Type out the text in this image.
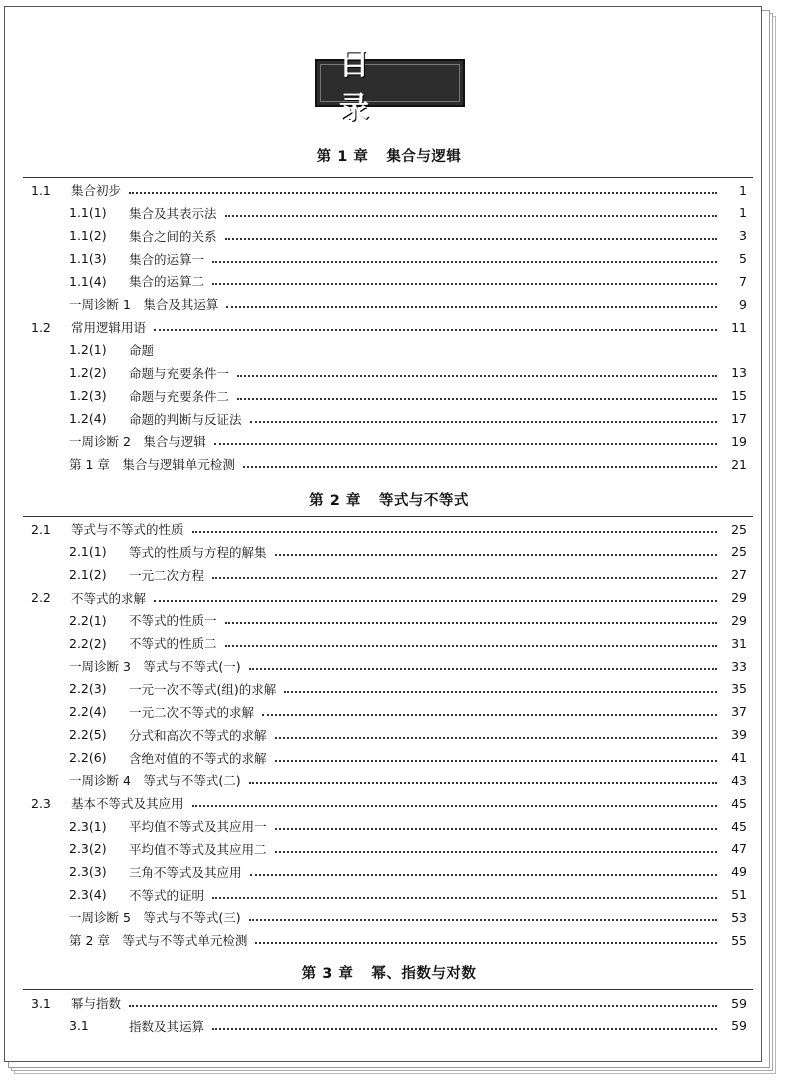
目 录
第 1 章 集合与逻辑
1.1	集合初步	1
1.1(1)	集合及其表示法	1
1.1(2)	集合之间的关系	3
1.1(3)	集合的运算一	5
1.1(4)	集合的运算二	7
一周诊断 1　集合及其运算	9
1.2	常用逻辑用语	11
1.2(1)	命题
1.2(2)	命题与充要条件一	13
1.2(3)	命题与充要条件二	15
1.2(4)	命题的判断与反证法	17
一周诊断 2　集合与逻辑	19
第 1 章　集合与逻辑单元检测	21
第 2 章 等式与不等式
2.1	等式与不等式的性质	25
2.1(1)	等式的性质与方程的解集	25
2.1(2)	一元二次方程	27
2.2	不等式的求解	29
2.2(1)	不等式的性质一	29
2.2(2)	不等式的性质二	31
一周诊断 3　等式与不等式(一)	33
2.2(3)	一元一次不等式(组)的求解	35
2.2(4)	一元二次不等式的求解	37
2.2(5)	分式和高次不等式的求解	39
2.2(6)	含绝对值的不等式的求解	41
一周诊断 4　等式与不等式(二)	43
2.3	基本不等式及其应用	45
2.3(1)	平均值不等式及其应用一	45
2.3(2)	平均值不等式及其应用二	47
2.3(3)	三角不等式及其应用	49
2.3(4)	不等式的证明	51
一周诊断 5　等式与不等式(三)	53
第 2 章　等式与不等式单元检测	55
第 3 章 幂、指数与对数
3.1	幂与指数	59
3.1	指数及其运算	59
